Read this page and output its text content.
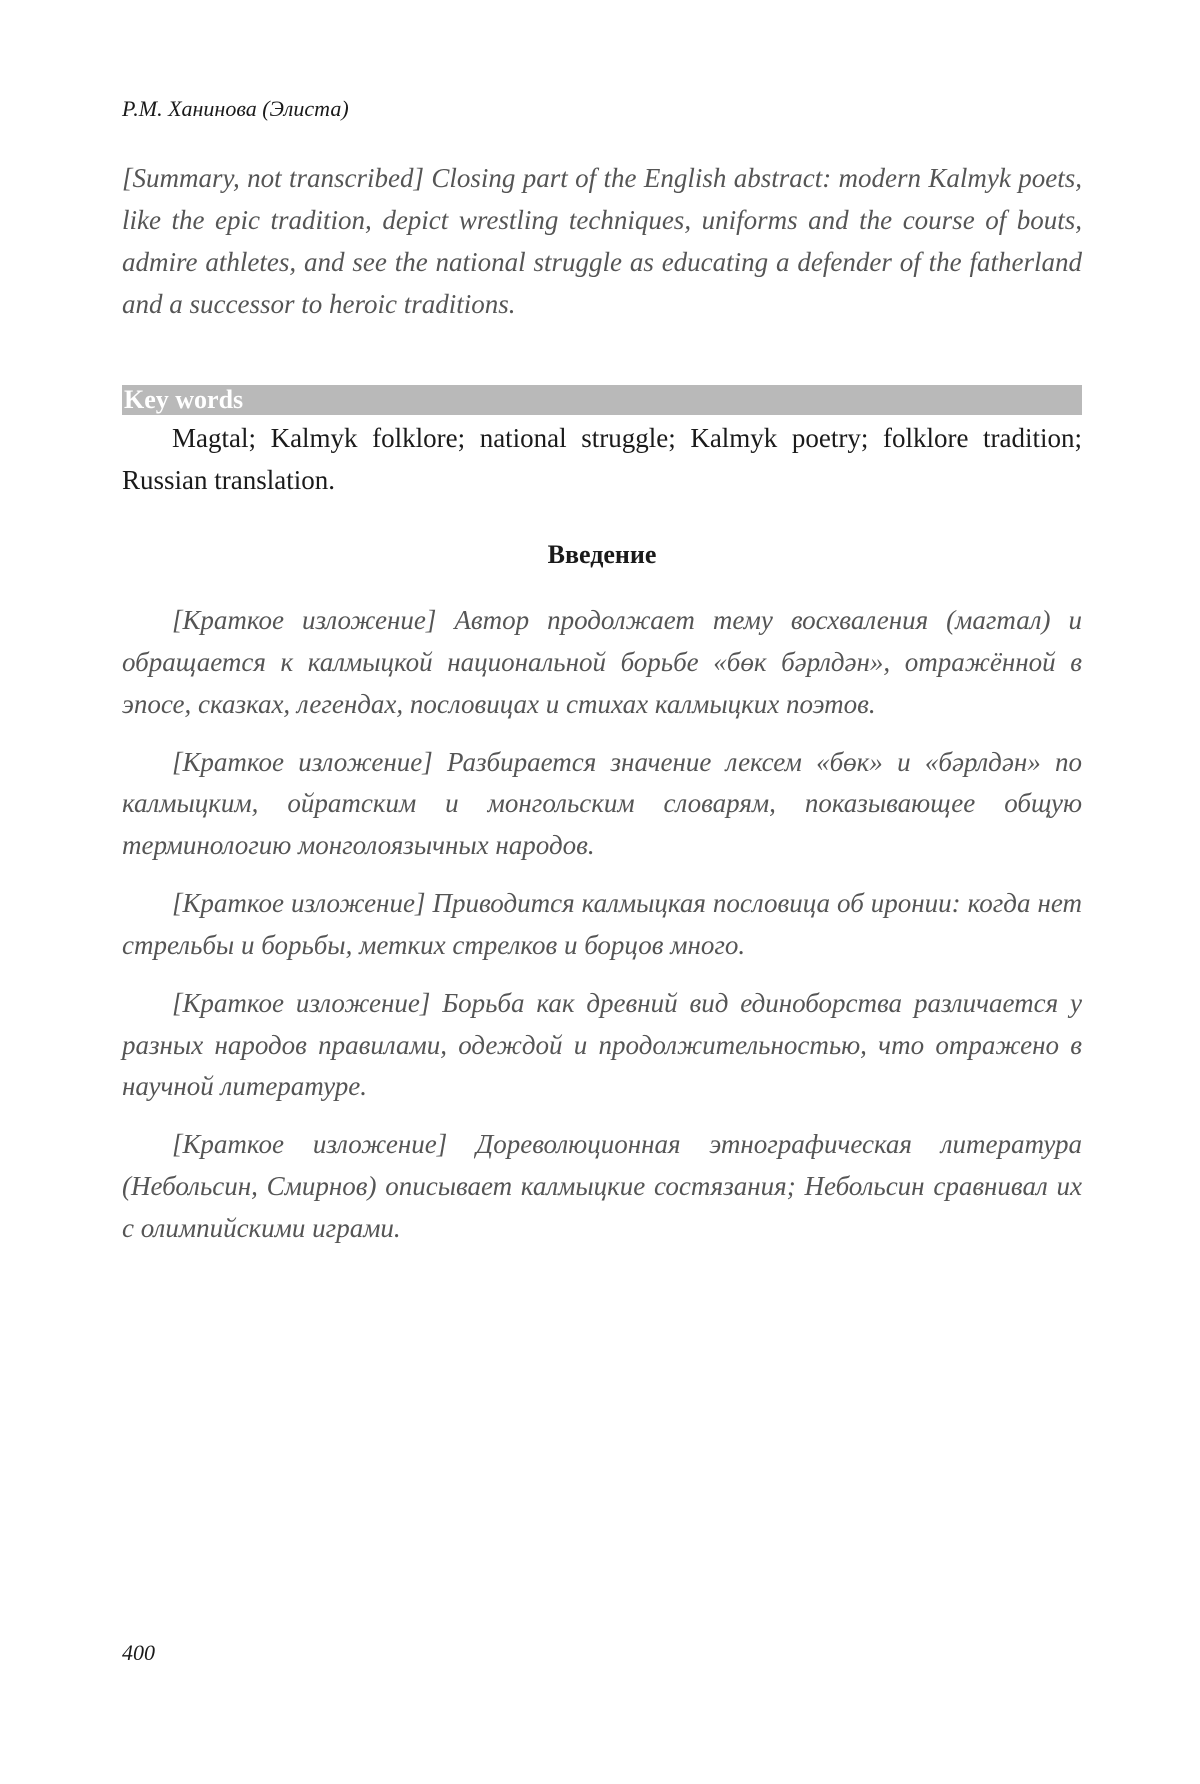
Р.М. Ханинова (Элиста)
[Summary, not transcribed] Closing part of the English abstract: modern Kalmyk poets, like the epic tradition, depict wrestling techniques, uniforms and the course of bouts, admire athletes, and see the national struggle as educating a defender of the fatherland and a successor to heroic traditions.
Key words
Magtal; Kalmyk folklore; national struggle; Kalmyk poetry; folklore tradition; Russian translation.
Введение

[Краткое изложение] Автор продолжает тему восхваления (магтал) и обращается к калмыцкой национальной борьбе «бөк бәрлдән», отражённой в эпосе, сказках, легендах, пословицах и стихах калмыцких поэтов.

[Краткое изложение] Разбирается значение лексем «бөк» и «бәрлдән» по калмыцким, ойратским и монгольским словарям, показывающее общую терминологию монголоязычных народов.

[Краткое изложение] Приводится калмыцкая пословица об иронии: когда нет стрельбы и борьбы, метких стрелков и борцов много.

[Краткое изложение] Борьба как древний вид единоборства различается у разных народов правилами, одеждой и продолжительностью, что отражено в научной литературе.

[Краткое изложение] Дореволюционная этнографическая литература (Небольсин, Смирнов) описывает калмыцкие состязания; Небольсин сравнивал их с олимпийскими играми.

400
